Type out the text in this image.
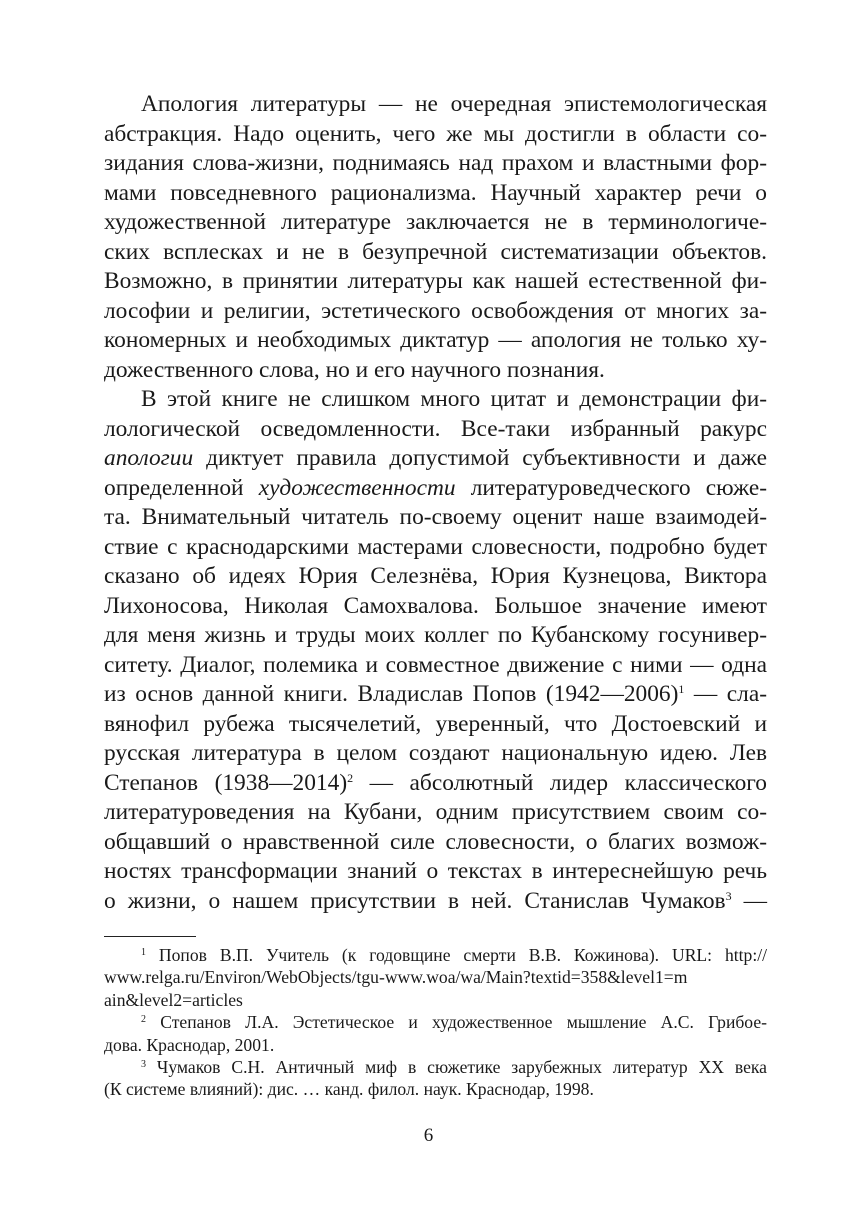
Апология литературы — не очередная эпистемологическая
абстракция. Надо оценить, чего же мы достигли в области со-
зидания слова-жизни, поднимаясь над прахом и властными фор-
мами повседневного рационализма. Научный характер речи о
художественной литературе заключается не в терминологиче-
ских всплесках и не в безупречной систематизации объектов.
Возможно, в принятии литературы как нашей естественной фи-
лософии и религии, эстетического освобождения от многих за-
кономерных и необходимых диктатур — апология не только ху-
дожественного слова, но и его научного познания.
В этой книге не слишком много цитат и демонстрации фи-
лологической осведомленности. Все-таки избранный ракурс
апологии диктует правила допустимой субъективности и даже
определенной художественности литературоведческого сюже-
та. Внимательный читатель по-своему оценит наше взаимодей-
ствие с краснодарскими мастерами словесности, подробно будет
сказано об идеях Юрия Селезнёва, Юрия Кузнецова, Виктора
Лихоносова, Николая Самохвалова. Большое значение имеют
для меня жизнь и труды моих коллег по Кубанскому госунивер-
ситету. Диалог, полемика и совместное движение с ними — одна
из основ данной книги. Владислав Попов (1942—2006)$^1$ — сла-
вянофил рубежа тысячелетий, уверенный, что Достоевский и
русская литература в целом создают национальную идею. Лев
Степанов (1938—2014)$^2$ — абсолютный лидер классического
литературоведения на Кубани, одним присутствием своим со-
общавший о нравственной силе словесности, о благих возмож-
ностях трансформации знаний о текстах в интереснейшую речь
о жизни, о нашем присутствии в ней. Станислав Чумаков$^3$ —
$^1$ Попов В.П. Учитель (к годовщине смерти В.В. Кожинова). URL: http://
www.relga.ru/Environ/WebObjects/tgu-www.woa/wa/Main?textid=358&level1=m
ain&level2=articles
$^2$ Степанов Л.А. Эстетическое и художественное мышление А.С. Грибое-
дова. Краснодар, 2001.
$^3$ Чумаков С.Н. Античный миф в сюжетике зарубежных литератур XX века
(К системе влияний): дис. … канд. филол. наук. Краснодар, 1998.
6
